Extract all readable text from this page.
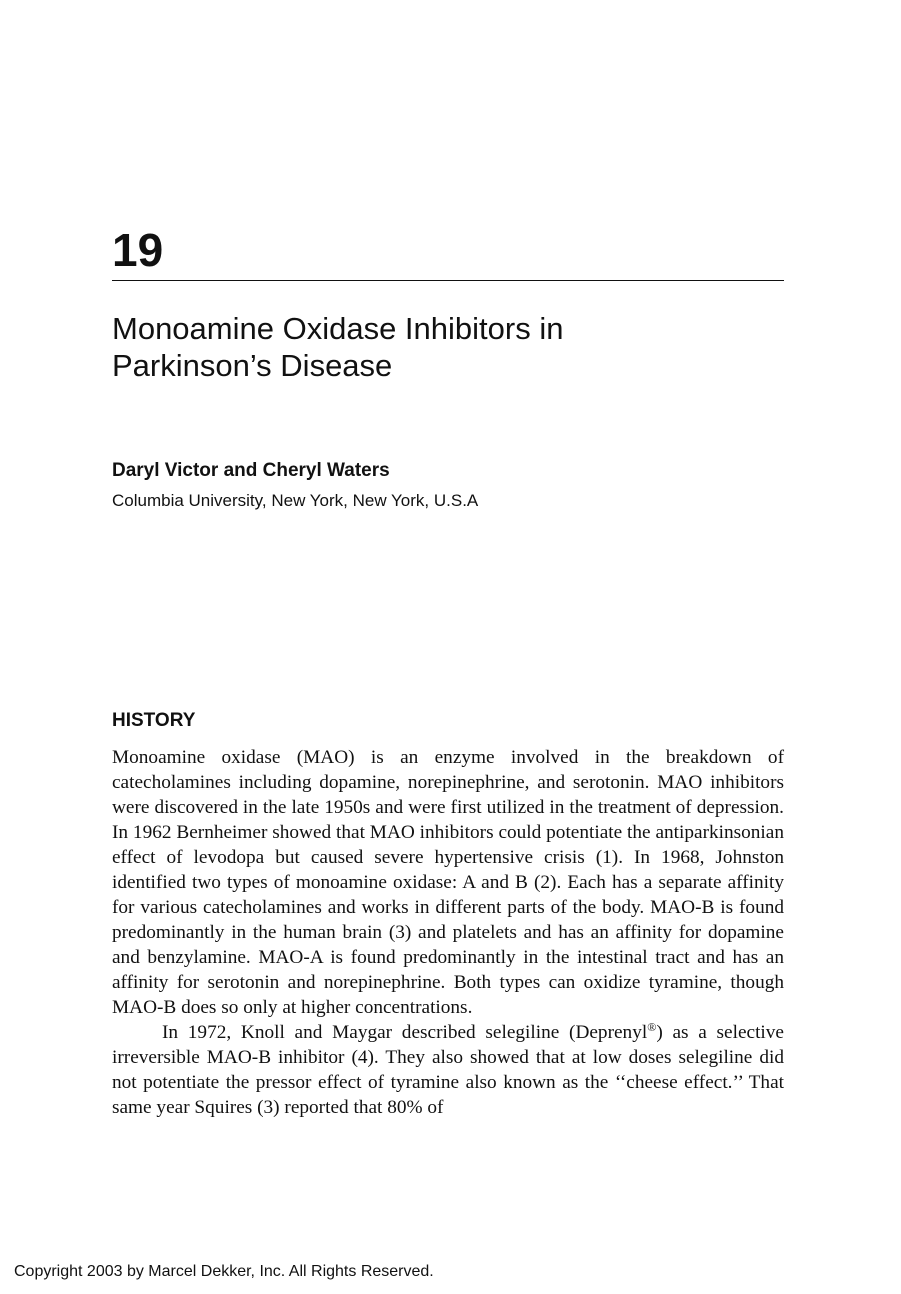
19
Monoamine Oxidase Inhibitors in
Parkinson’s Disease

Daryl Victor and Cheryl Waters

Columbia University, New York, New York, U.S.A

HISTORY

Monoamine oxidase (MAO) is an enzyme involved in the breakdown of catecholamines including dopamine, norepinephrine, and serotonin. MAO inhibitors were discovered in the late 1950s and were first utilized in the treatment of depression. In 1962 Bernheimer showed that MAO inhibitors could potentiate the antiparkinsonian effect of levodopa but caused severe hypertensive crisis (1). In 1968, Johnston identified two types of monoamine oxidase: A and B (2). Each has a separate affinity for various catecholamines and works in different parts of the body. MAO-B is found predominantly in the human brain (3) and platelets and has an affinity for dopamine and benzylamine. MAO-A is found predominantly in the intestinal tract and has an affinity for serotonin and norepinephrine. Both types can oxidize tyramine, though MAO-B does so only at higher concentrations.

In 1972, Knoll and Maygar described selegiline (Deprenyl®) as a selective irreversible MAO-B inhibitor (4). They also showed that at low doses selegiline did not potentiate the pressor effect of tyramine also known as the ‘‘cheese effect.’’ That same year Squires (3) reported that 80% of

Copyright 2003 by Marcel Dekker, Inc. All Rights Reserved.
